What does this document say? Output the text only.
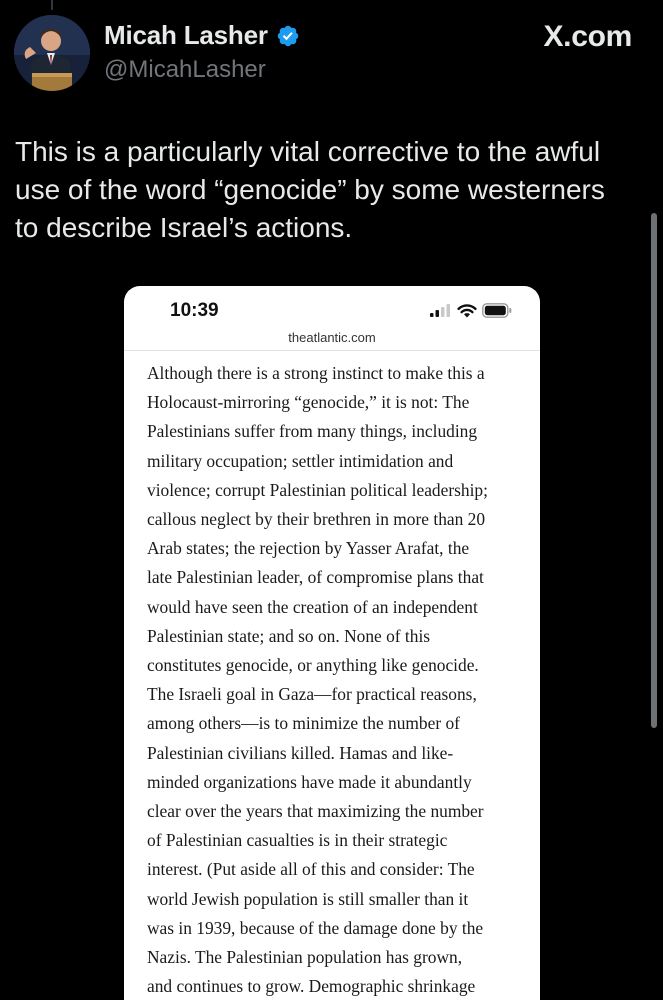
Micah Lasher
@MicahLasher
X.com
This is a particularly vital corrective to the awful
use of the word “genocide” by some westerners
to describe Israel’s actions.
10:39
theatlantic.com
Although there is a strong instinct to make this a
Holocaust-mirroring “genocide,” it is not: The
Palestinians suffer from many things, including
military occupation; settler intimidation and
violence; corrupt Palestinian political leadership;
callous neglect by their brethren in more than 20
Arab states; the rejection by Yasser Arafat, the
late Palestinian leader, of compromise plans that
would have seen the creation of an independent
Palestinian state; and so on. None of this
constitutes genocide, or anything like genocide.
The Israeli goal in Gaza—for practical reasons,
among others—is to minimize the number of
Palestinian civilians killed. Hamas and like-
minded organizations have made it abundantly
clear over the years that maximizing the number
of Palestinian casualties is in their strategic
interest. (Put aside all of this and consider: The
world Jewish population is still smaller than it
was in 1939, because of the damage done by the
Nazis. The Palestinian population has grown,
and continues to grow. Demographic shrinkage
